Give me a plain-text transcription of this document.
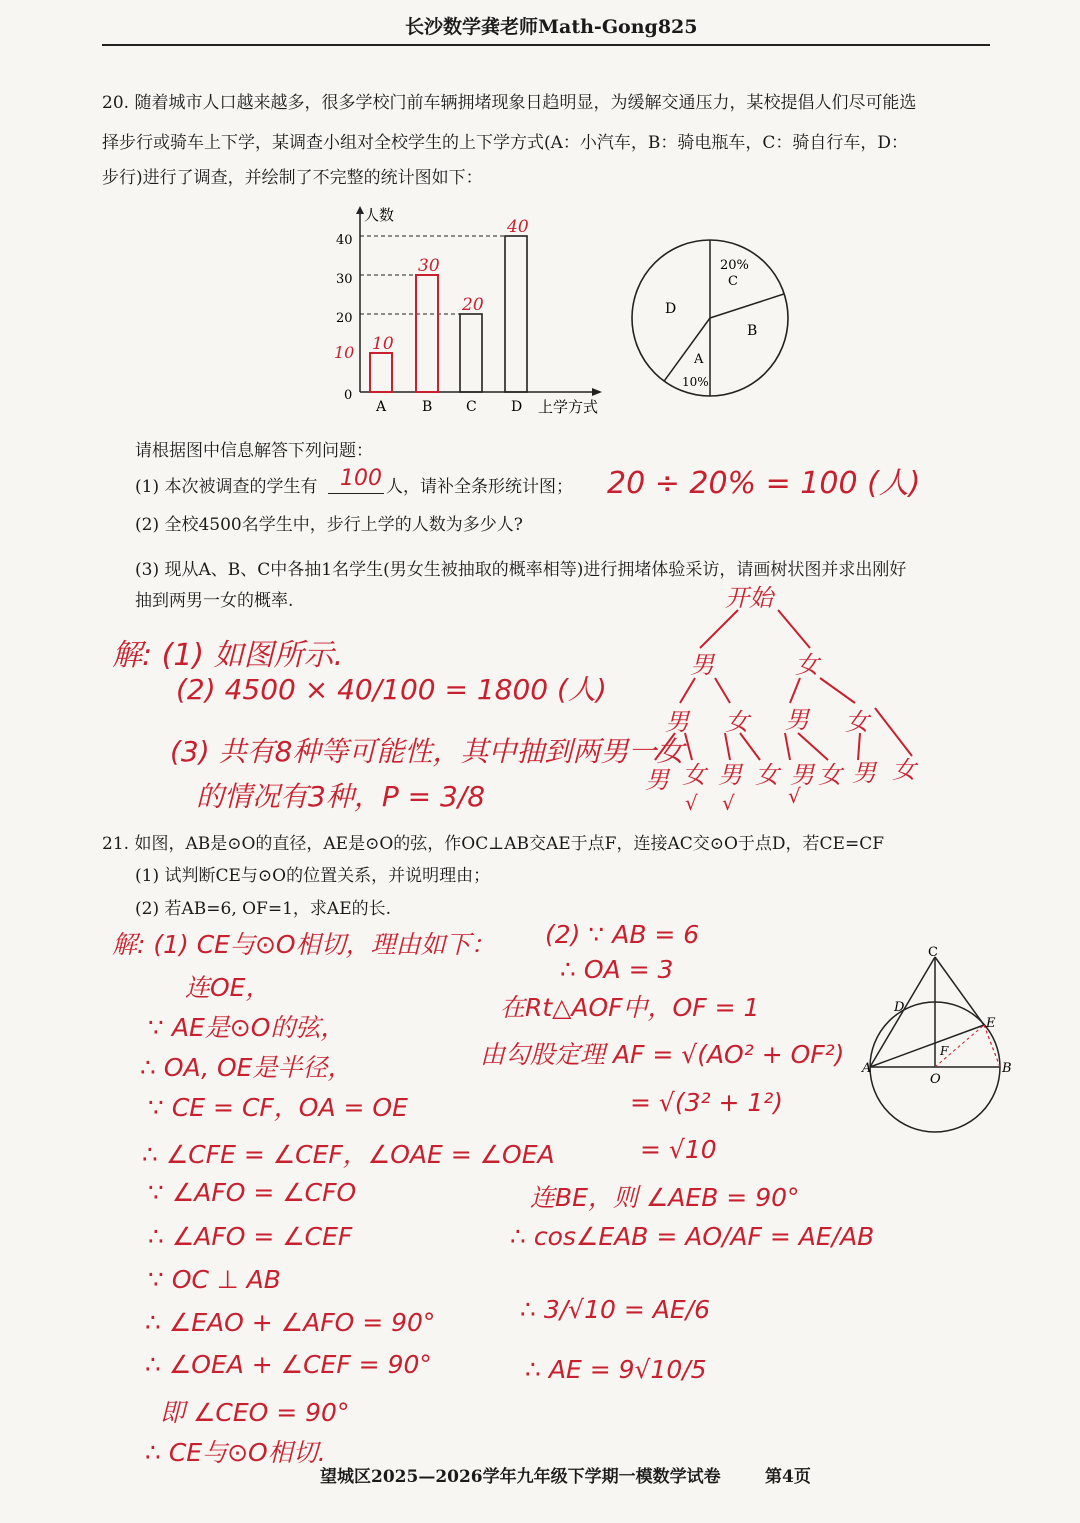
长沙数学龚老师Math-Gong825
20. 随着城市人口越来越多，很多学校门前车辆拥堵现象日趋明显，为缓解交通压力，某校提倡人们尽可能选
择步行或骑车上下学，某调查小组对全校学生的上下学方式(A：小汽车，B：骑电瓶车，C：骑自行车，D：
步行)进行了调查，并绘制了不完整的统计图如下：
人数
上学方式
0
20
30
40
10
A
10
B
30
C
20
D
40
20%
C
B
A
10%
D
请根据图中信息解答下列问题：
(1) 本次被调查的学生有 100 人，请补全条形统计图； 20 ÷ 20% = 100 (人)
(2) 全校4500名学生中，步行上学的人数为多少人?
(3) 现从A、B、C中各抽1名学生(男女生被抽取的概率相等)进行拥堵体验采访，请画树状图并求出刚好
抽到两男一女的概率.
解: (1) 如图所示.
(2) 4500 × 40/100 = 1800 (人)
(3) 共有8种等可能性，其中抽到两男一女
的情况有3种，P = 3/8
开始
男	女
男 女 男 女
男 女 男 女 男 女 男 女
√ √	√
21. 如图，AB是⊙O的直径，AE是⊙O的弦，作OC⊥AB交AE于点F，连接AC交⊙O于点D，若CE=CF
(1) 试判断CE与⊙O的位置关系，并说明理由；
(2) 若AB=6, OF=1，求AE的长.
解: (1) CE与⊙O相切，理由如下：
连OE，
∵ AE是⊙O的弦，
∴ OA, OE是半径，
∵ CE = CF，OA = OE
∴ ∠CFE = ∠CEF，∠OAE = ∠OEA
∵ ∠AFO = ∠CFO
∴ ∠AFO = ∠CEF
∵ OC ⊥ AB
∴ ∠EAO + ∠AFO = 90°
∴ ∠OEA + ∠CEF = 90°
即 ∠CEO = 90°
∴ CE与⊙O相切.
(2) ∵ AB = 6
∴ OA = 3
在Rt△AOF中，OF = 1
由勾股定理 AF = √(AO² + OF²)
= √(3² + 1²)
= √10
连BE，则 ∠AEB = 90°
∴ cos∠EAB = AO/AF = AE/AB
∴ 3/√10 = AE/6
∴ AE = 9√10/5
C
D
E
F
A
O
B
望城区2025—2026学年九年级下学期一模数学试卷	第4页
